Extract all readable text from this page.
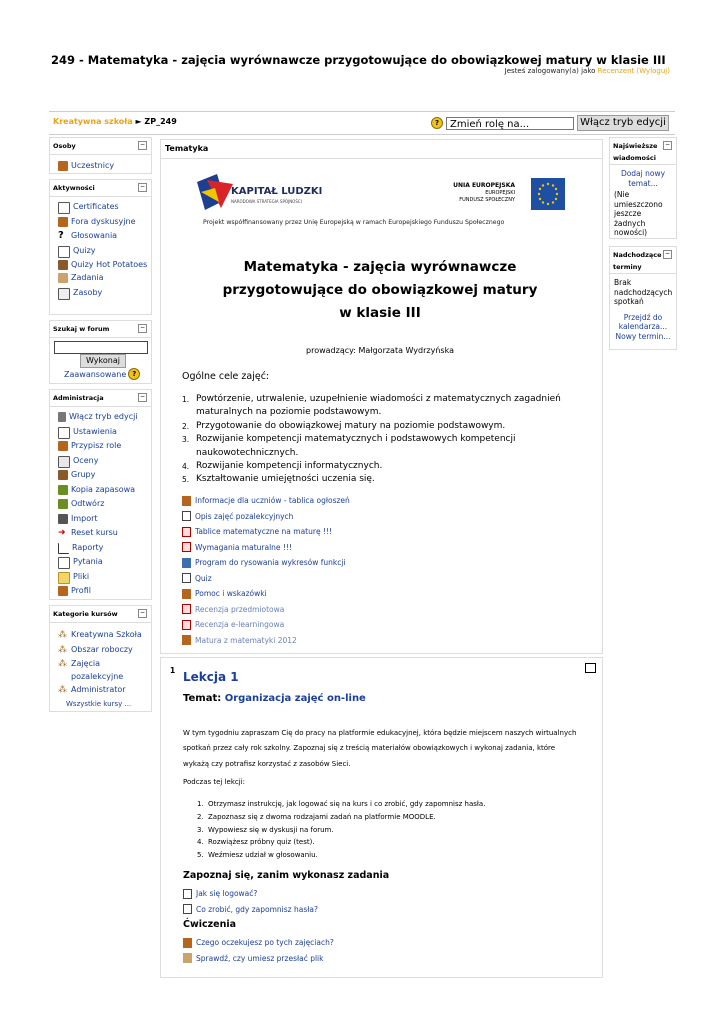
249 - Matematyka - zajęcia wyrównawcze przygotowujące do obowiązkowej matury w klasie III
Jesteś zalogowany(a) jako Recenzent (Wyloguj)
Kreatywna szkoła ► ZP_249	?	Zmień rolę na...	Włącz tryb edycji
Osoby	−
Uczestnicy
Aktywności	−
Certificates
Fora dyskusyjne
? Głosowania
Quizy
Quizy Hot Potatoes
Zadania
Zasoby
Szukaj w forum	−
Wykonaj
Zaawansowane ?
Administracja	−
Włącz tryb edycji
Ustawienia
Przypisz role
Oceny
Grupy
Kopia zapasowa
Odtwórz
Import
➜ Reset kursu
Raporty
Pytania
Pliki
Profil
Kategorie kursów	−
⁂ Kreatywna Szkoła
⁂ Obszar roboczy
⁂ Zajęcia pozalekcyjne
⁂ Administrator
Wszystkie kursy ...
Tematyka
KAPITAŁ LUDZKI
NARODOWA STRATEGIA SPÓJNOŚCI
UNIA EUROPEJSKA
EUROPEJSKI
FUNDUSZ SPOŁECZNY
Projekt współfinansowany przez Unię Europejską w ramach Europejskiego Funduszu Społecznego
Matematyka - zajęcia wyrównawcze
przygotowujące do obowiązkowej matury
w klasie III
prowadzący: Małgorzata Wydrzyńska
Ogólne cele zajęć:
1. Powtórzenie, utrwalenie, uzupełnienie wiadomości z matematycznych zagadnień maturalnych na poziomie podstawowym.
2. Przygotowanie do obowiązkowej matury na poziomie podstawowym.
3. Rozwijanie kompetencji matematycznych i podstawowych kompetencji naukowotechnicznych.
4. Rozwijanie kompetencji informatycznych.
5. Kształtowanie umiejętności uczenia się.
Informacje dla uczniów - tablica ogłoszeń
Opis zajęć pozalekcyjnych
Tablice matematyczne na maturę !!!
Wymagania maturalne !!!
Program do rysowania wykresów funkcji
Quiz
Pomoc i wskazówki
Recenzja przedmiotowa
Recenzja e-learningowa
Matura z matematyki 2012
1 Lekcja 1
Temat: Organizacja zajęć on-line
W tym tygodniu zapraszam Cię do pracy na platformie edukacyjnej, która będzie miejscem naszych wirtualnych spotkań przez cały rok szkolny. Zapoznaj się z treścią materiałów obowiązkowych i wykonaj zadania, które wykażą czy potrafisz korzystać z zasobów Sieci.
Podczas tej lekcji:
1. Otrzymasz instrukcję, jak logować się na kurs i co zrobić, gdy zapomnisz hasła.
2. Zapoznasz się z dwoma rodzajami zadań na platformie MOODLE.
3. Wypowiesz się w dyskusji na forum.
4. Rozwiążesz próbny quiz (test).
5. Weźmiesz udział w głosowaniu.
Zapoznaj się, zanim wykonasz zadania
Jak się logować?
Co zrobić, gdy zapomnisz hasła?
Ćwiczenia
Czego oczekujesz po tych zajęciach?
Sprawdź, czy umiesz przesłać plik
Najświeższe wiadomości
−
Dodaj nowy temat...
(Nie umieszczono jeszcze żadnych nowości)
Nadchodzące terminy
−
Brak nadchodzących spotkań
Przejdź do kalendarza...
Nowy termin...
